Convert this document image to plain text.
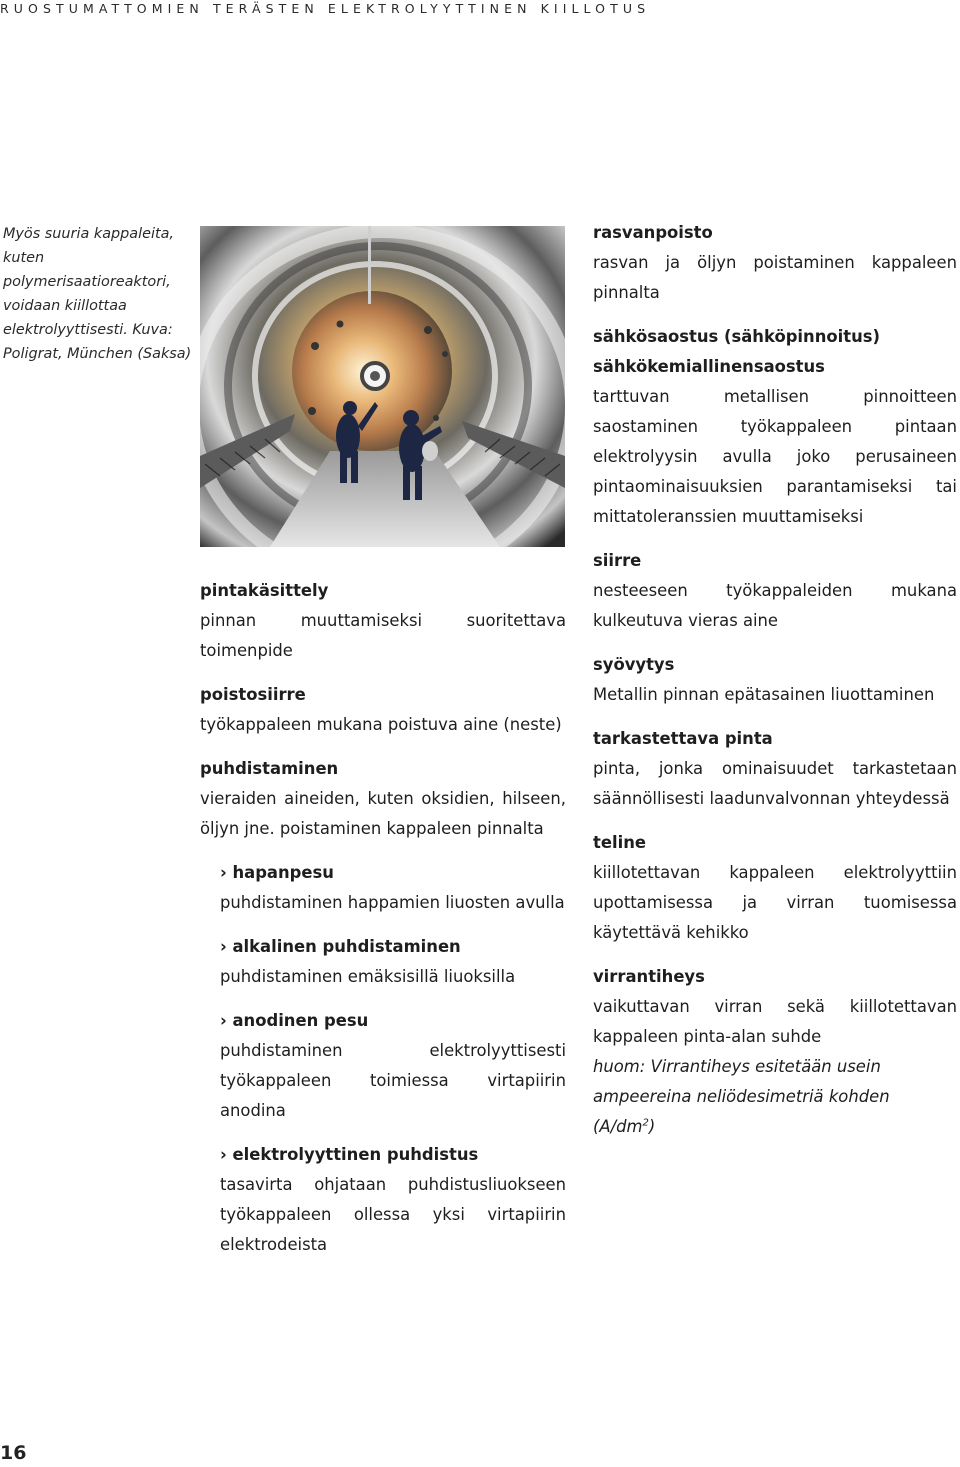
RUOSTUMATTOMIEN TERÄSTEN ELEKTROLYYTTINEN KIILLOTUS
Myös suuria kappaleita, kuten polymerisaatioreaktori, voidaan kiillottaa elektrolyyttisesti. Kuva: Poligrat, München (Saksa)
pintakäsittely
pinnan muuttamiseksi suoritettava toimenpide
poistosiirre
työkappaleen mukana poistuva aine (neste)
puhdistaminen
vieraiden aineiden, kuten oksidien, hilseen, öljyn jne. poistaminen kappaleen pinnalta
› hapanpesu
puhdistaminen happamien liuosten avulla
› alkalinen puhdistaminen
puhdistaminen emäksisillä liuoksilla
› anodinen pesu
puhdistaminen elektrolyyttisesti työkappaleen toimiessa virtapiirin anodina
› elektrolyyttinen puhdistus
tasavirta ohjataan puhdistusliuokseen työkappaleen ollessa yksi virtapiirin elektrodeista
rasvanpoisto
rasvan ja öljyn poistaminen kappaleen pinnalta
sähkösaostus (sähköpinnoitus) sähkökemiallinensaostus
tarttuvan metallisen pinnoitteen saostaminen työkappaleen pintaan elektrolyysin avulla joko perusaineen pintaominaisuuksien parantamiseksi tai mittatoleranssien muuttamiseksi
siirre
nesteeseen työkappaleiden mukana kulkeutuva vieras aine
syövytys
Metallin pinnan epätasainen liuottaminen
tarkastettava pinta
pinta, jonka ominaisuudet tarkastetaan säännöllisesti laadunvalvonnan yhteydessä
teline
kiillotettavan kappaleen elektrolyyttiin upottamisessa ja virran tuomisessa käytettävä kehikko
virrantiheys
vaikuttavan virran sekä kiillotettavan kappaleen pinta-alan suhde
huom: Virrantiheys esitetään usein ampeereina neliödesimetriä kohden $(A/dm^2)$
16
